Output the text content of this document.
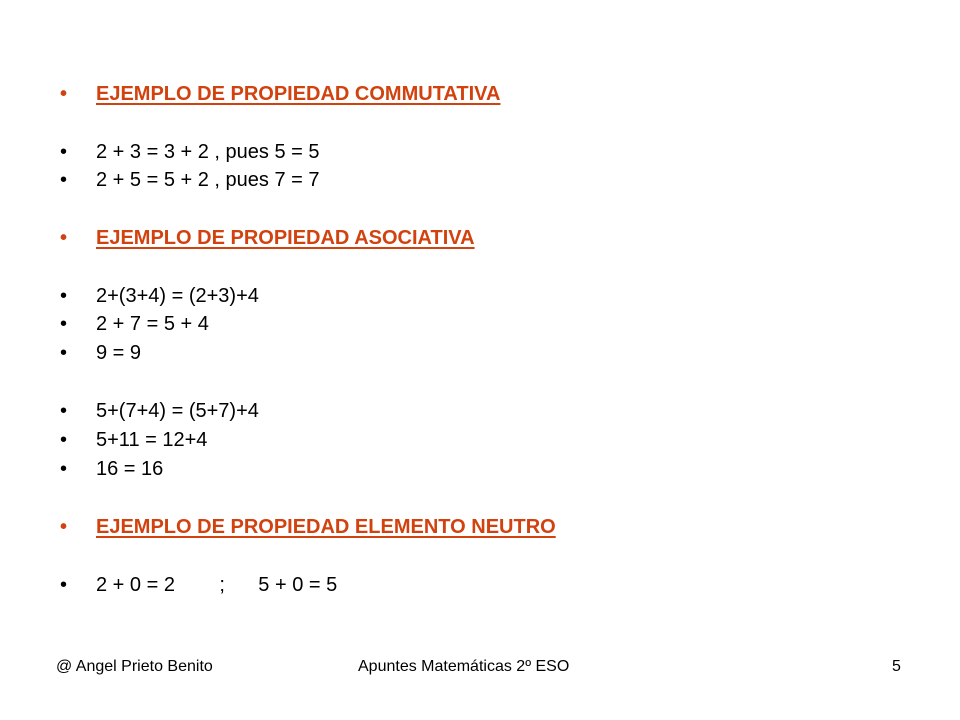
• EJEMPLO DE PROPIEDAD COMMUTATIVA
• 2 + 3 = 3 + 2 , pues 5 = 5
• 2 + 5 = 5 + 2 , pues 7 = 7
• EJEMPLO DE PROPIEDAD ASOCIATIVA
• 2+(3+4) = (2+3)+4
• 2 + 7 = 5 + 4
• 9 = 9
• 5+(7+4) = (5+7)+4
• 5+11 = 12+4
• 16 = 16
• EJEMPLO DE PROPIEDAD ELEMENTO NEUTRO
• 2 + 0 = 2        ;      5 + 0 = 5
@ Angel Prieto Benito	Apuntes Matemáticas 2º ESO	5
